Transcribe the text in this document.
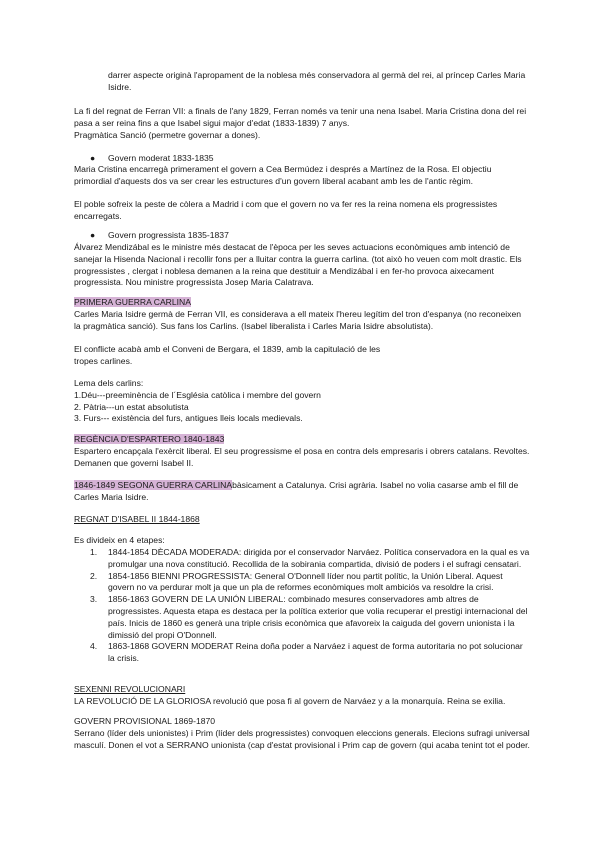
darrer aspecte originà l'apropament de la noblesa més conservadora al germà del rei, al príncep Carles Maria Isidre.

La fi del regnat de Ferran VII: a finals de l'any 1829, Ferran només va tenir una nena Isabel. Maria Cristina dona del rei pasa a ser reina fins a que Isabel sigui major d'edat (1833-1839) 7 anys.

Pragmàtica Sanció (permetre governar a dones).

● Govern moderat 1833-1835

Maria Cristina encarregà primerament el govern a Cea Bermúdez i després a Martínez de la Rosa. El objectiu primordial d'aquests dos va ser crear les estructures d'un govern liberal acabant amb les de l'antic règim.

El poble sofreix la peste de còlera a Madrid i com que el govern no va fer res la reina nomena els progressistes encarregats.

● Govern progressista 1835-1837

Álvarez Mendizábal es le ministre més destacat de l'època per les seves actuacions econòmiques amb intenció de sanejar la Hisenda Nacional i recollir fons per a lluitar contra la guerra carlina. (tot això ho veuen com molt drastic. Els progressistes , clergat i noblesa demanen a la reina que destituir a Mendizábal i en fer-ho provoca aixecament progressista. Nou ministre progressista Josep Maria Calatrava.

PRIMERA GUERRA CARLINA

Carles Maria Isidre germà de Ferran VII, es considerava a ell mateix l'hereu legítim del tron d'espanya (no reconeixen la pragmàtica sanció). Sus fans los Carlins. (Isabel liberalista i Carles Maria Isidre absolutista).

El conflicte acabà amb el Conveni de Bergara, el 1839, amb la capitulació de les tropes carlines.

Lema dels carlins:

1.Déu---preeminència de l´Església catòlica i membre del govern

2. Pàtria---un estat absolutista

3. Furs--- existència del furs, antigues lleis locals medievals.

REGÈNCIA D'ESPARTERO 1840-1843

Espartero encapçala l'exèrcit liberal. El seu progressisme el posa en contra dels empresaris i obrers catalans. Revoltes. Demanen que governi Isabel II.

1846-1849 SEGONA GUERRA CARLINAbàsicament a Catalunya. Crisi agrària. Isabel no volia casarse amb el fill de Carles Maria Isidre.

REGNAT D'ISABEL II 1844-1868

Es divideix en 4 etapes:

1. 1844-1854 DÈCADA MODERADA: dirigida por el conservador Narváez. Política conservadora en la qual es va promulgar una nova constitució. Recollida de la sobirania compartida, divisió de poders i el sufragi censatari.
2. 1854-1856 BIENNI PROGRESSISTA: General O'Donnell líder nou partit polític, la Unión Liberal. Aquest govern no va perdurar molt ja que un pla de reformes econòmiques molt ambiciós va resoldre la crisi.
3. 1856-1863 GOVERN DE LA UNIÓN LIBERAL: combinado mesures conservadores amb altres de progressistes. Aquesta etapa es destaca per la política exterior que volia recuperar el prestigi internacional del país. Inicis de 1860 es generà una triple crisis econòmica que afavoreix la caiguda del govern unionista i la dimissió del propi O'Donnell.
4. 1863-1868 GOVERN MODERAT Reina doña poder a Narváez i aquest de forma autoritaria no pot solucionar la crisis.

SEXENNI REVOLUCIONARI

LA REVOLUCIÓ DE LA GLORIOSA revolució que posa fi al govern de Narváez y a la monarquía. Reina se exilia.

GOVERN PROVISIONAL 1869-1870

Serrano (líder dels unionistes) i Prim (líder dels progressistes) convoquen eleccions generals. Elecions sufragi universal masculí. Donen el vot a SERRANO unionista (cap d'estat provisional i Prim cap de govern (qui acaba tenint tot el poder.
